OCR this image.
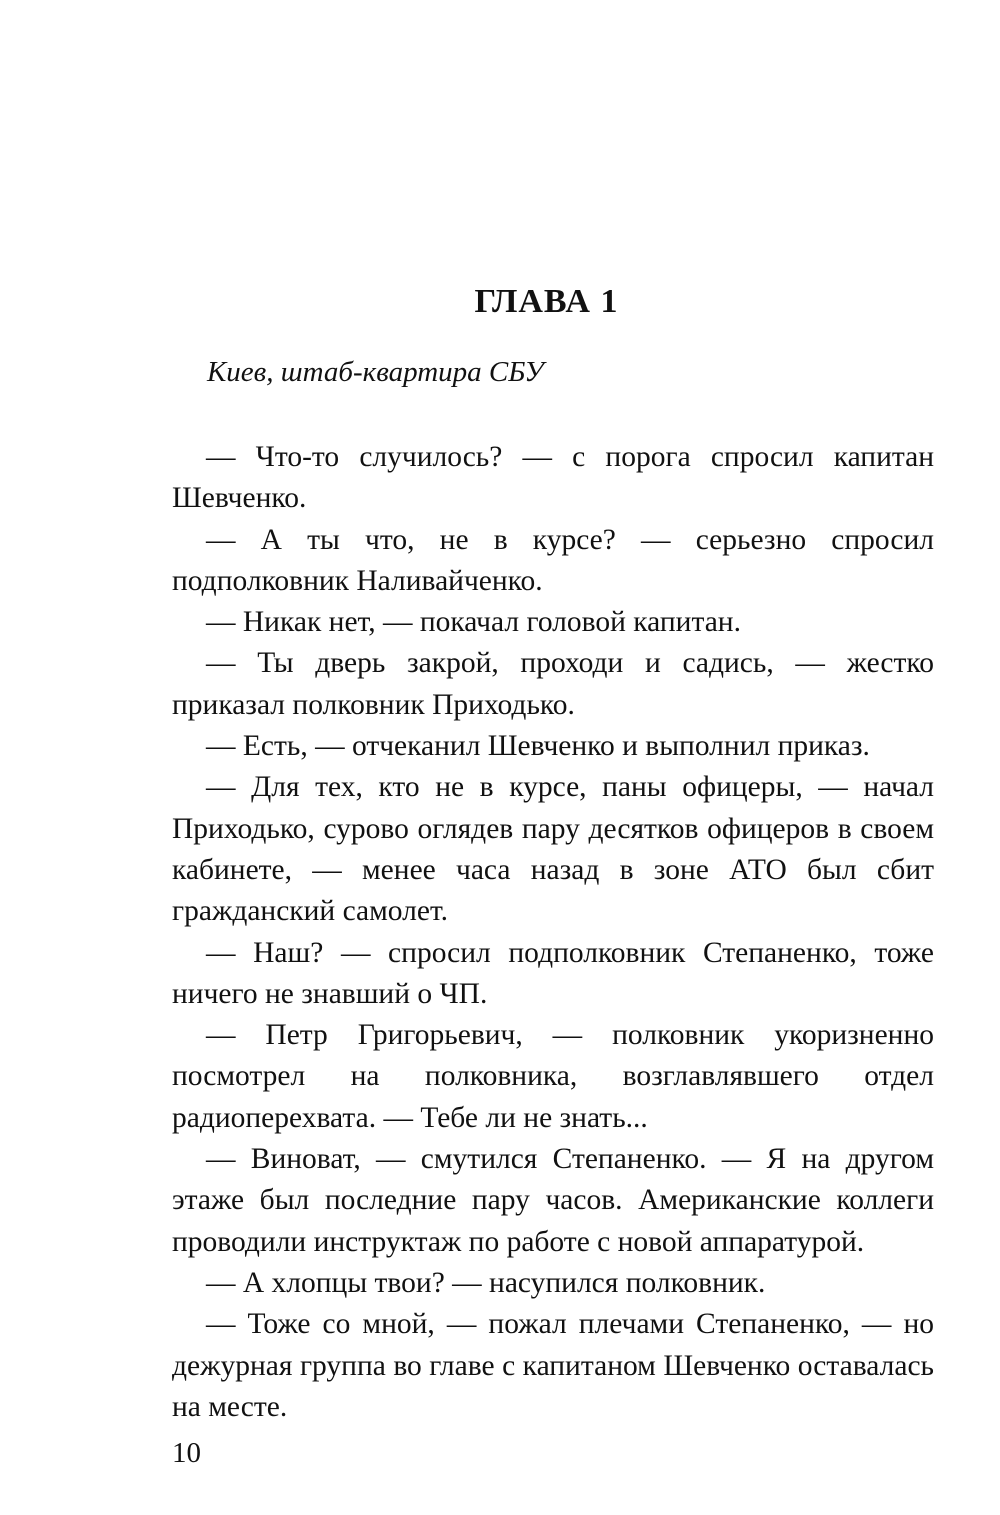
ГЛАВА 1

Киев, штаб-квартира СБУ

— Что-то случилось? — с порога спросил капитан Шевченко.

— А ты что, не в курсе? — серьезно спросил подполковник Наливайченко.

— Никак нет, — покачал головой капитан.

— Ты дверь закрой, проходи и садись, — жестко приказал полковник Приходько.

— Есть, — отчеканил Шевченко и выполнил приказ.

— Для тех, кто не в курсе, паны офицеры, — начал Приходько, сурово оглядев пару десятков офицеров в своем кабинете, — менее часа назад в зоне АТО был сбит гражданский самолет.

— Наш? — спросил подполковник Степаненко, тоже ничего не знавший о ЧП.

— Петр Григорьевич, — полковник укоризненно посмотрел на полковника, возглавлявшего отдел радиоперехвата. — Тебе ли не знать...

— Виноват, — смутился Степаненко. — Я на другом этаже был последние пару часов. Американские коллеги проводили инструктаж по работе с новой аппаратурой.

— А хлопцы твои? — насупился полковник.

— Тоже со мной, — пожал плечами Степаненко, — но дежурная группа во главе с капитаном Шевченко оставалась на месте.

10
